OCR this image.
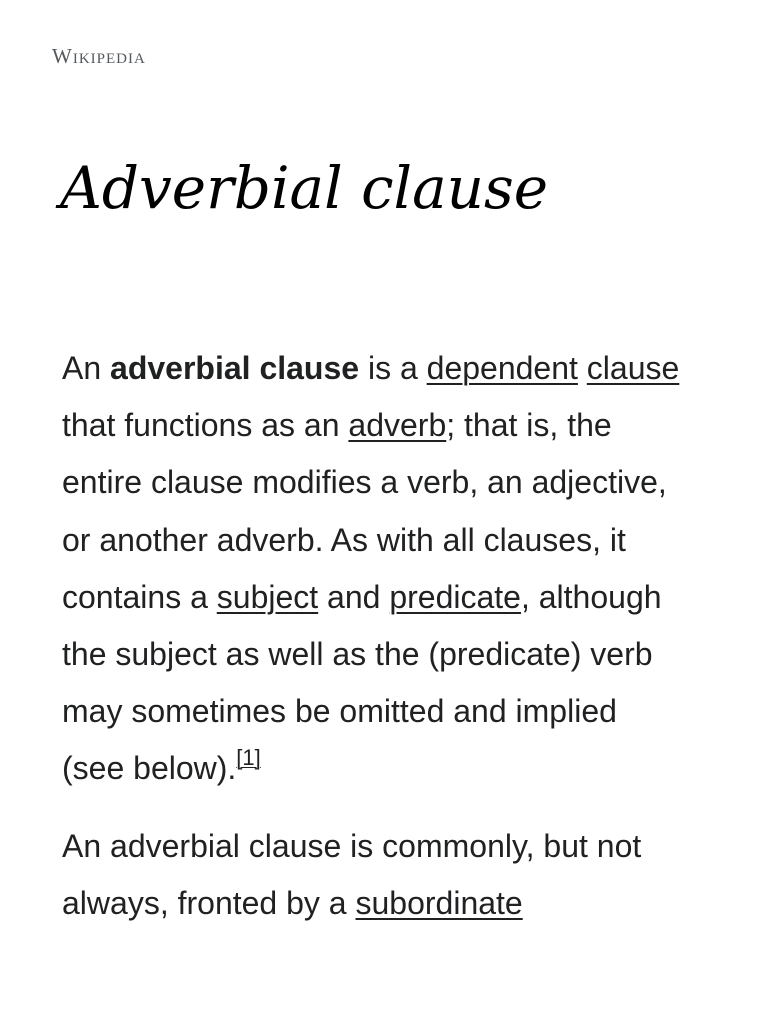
Wikipedia
Adverbial clause

An adverbial clause is a dependent clause
that functions as an adverb; that is, the
entire clause modifies a verb, an adjective,
or another adverb. As with all clauses, it
contains a subject and predicate, although
the subject as well as the (predicate) verb
may sometimes be omitted and implied
(see below).[1]

An adverbial clause is commonly, but not
always, fronted by a subordinate
